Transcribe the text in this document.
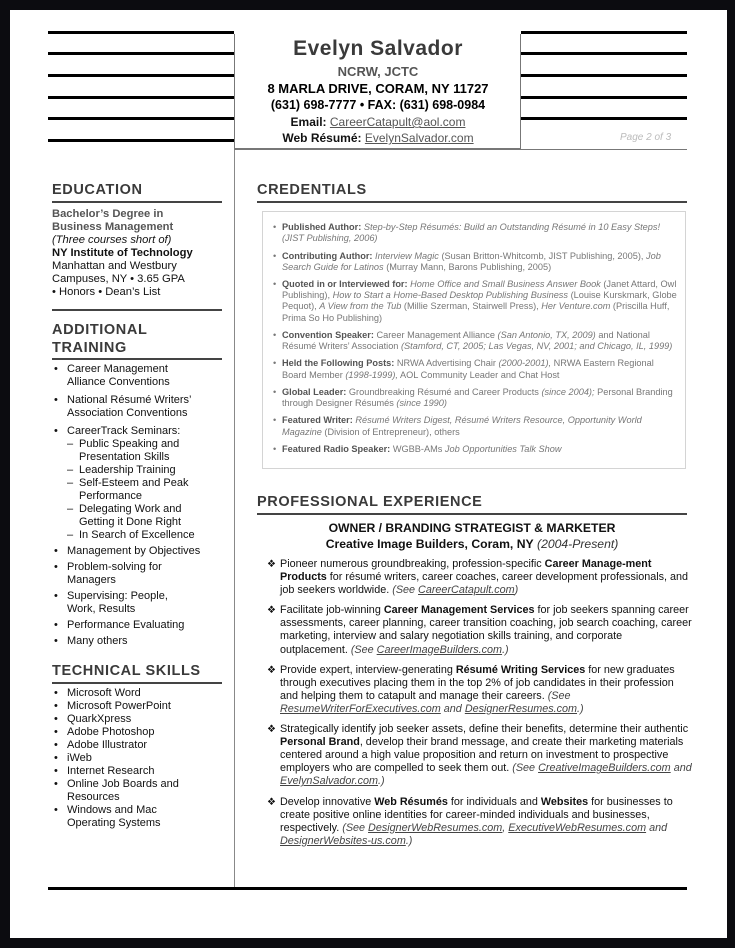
Evelyn Salvador
NCRW, JCTC
8 MARLA DRIVE, CORAM, NY 11727
(631) 698-7777 • FAX: (631) 698-0984
Email: CareerCatapult@aol.com
Web Résumé: EvelynSalvador.com	Page 2 of 3
EDUCATION
Bachelor’s Degree in
Business Management
(Three courses short of)
NY Institute of Technology
Manhattan and Westbury
Campuses, NY • 3.65 GPA
• Honors • Dean’s List
ADDITIONAL
TRAINING
• Career Management
Alliance Conventions
• National Résumé Writers’
Association Conventions
• CareerTrack Seminars:
– Public Speaking and
Presentation Skills
– Leadership Training
– Self-Esteem and Peak
Performance
– Delegating Work and
Getting it Done Right
– In Search of Excellence
• Management by Objectives
• Problem-solving for
Managers
• Supervising: People,
Work, Results
• Performance Evaluating
• Many others
TECHNICAL SKILLS
• Microsoft Word
• Microsoft PowerPoint
• QuarkXpress
• Adobe Photoshop
• Adobe Illustrator
• iWeb
• Internet Research
• Online Job Boards and
Resources
• Windows and Mac
Operating Systems
CREDENTIALS

• Published Author: Step-by-Step Résumés: Build an Outstanding Résumé in 10 Easy Steps! (JIST Publishing, 2006)

• Contributing Author: Interview Magic (Susan Britton-Whitcomb, JIST Publishing, 2005), Job Search Guide for Latinos (Murray Mann, Barons Publishing, 2005)

• Quoted in or Interviewed for: Home Office and Small Business Answer Book (Janet Attard, Owl Publishing), How to Start a Home-Based Desktop Publishing Business (Louise Kurskmark, Globe Pequot), A View from the Tub (Millie Szerman, Stairwell Press), Her Venture.com (Priscilla Huff, Prima So Ho Publishing)

• Convention Speaker: Career Management Alliance (San Antonio, TX, 2009) and National Résumé Writers’ Association (Stamford, CT, 2005; Las Vegas, NV, 2001; and Chicago, IL, 1999)

• Held the Following Posts: NRWA Advertising Chair (2000-2001), NRWA Eastern Regional Board Member (1998-1999), AOL Community Leader and Chat Host

• Global Leader: Groundbreaking Résumé and Career Products (since 2004); Personal Branding through Designer Résumés (since 1990)

• Featured Writer: Résumé Writers Digest, Résumé Writers Resource, Opportunity World Magazine (Division of Entrepreneur), others

• Featured Radio Speaker: WGBB-AMs Job Opportunities Talk Show

PROFESSIONAL EXPERIENCE
OWNER / BRANDING STRATEGIST & MARKETER
Creative Image Builders, Coram, NY (2004-Present)
❖ Pioneer numerous groundbreaking, profession-specific Career Manage-ment Products for résumé writers, career coaches, career development professionals, and job seekers worldwide. (See CareerCatapult.com)
❖ Facilitate job-winning Career Management Services for job seekers spanning career assessments, career planning, career transition coaching, job search coaching, career marketing, interview and salary negotiation skills training, and corporate outplacement. (See CareerImageBuilders.com.)
❖ Provide expert, interview-generating Résumé Writing Services for new graduates through executives placing them in the top 2% of job candidates in their profession and helping them to catapult and manage their careers. (See ResumeWriterForExecutives.com and DesignerResumes.com.)
❖ Strategically identify job seeker assets, define their benefits, determine their authentic Personal Brand, develop their brand message, and create their marketing materials centered around a high value proposition and return on investment to prospective employers who are compelled to seek them out. (See CreativeImageBuilders.com and EvelynSalvador.com.)
❖ Develop innovative Web Résumés for individuals and Websites for businesses to create positive online identities for career-minded individuals and businesses, respectively. (See DesignerWebResumes.com, ExecutiveWebResumes.com and DesignerWebsites-us.com.)
